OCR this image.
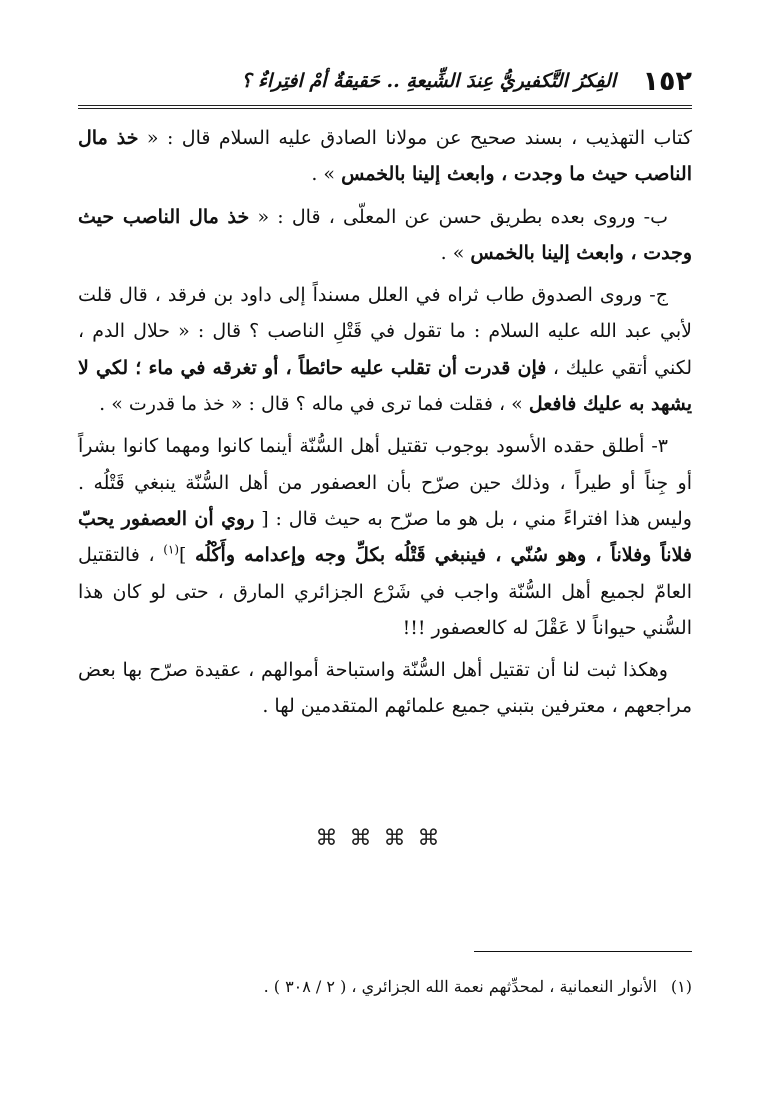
١٥٢
الفِكرُ التَّكفيريُّ عِندَ الشِّيعةِ .. حَقيقةٌ أمْ افتِراءٌ ؟

كتاب التهذيب ، بسند صحيح عن مولانا الصادق عليه السلام قال : « خذ مال الناصب حيث ما وجدت ، وابعث إلينا بالخمس » .

ب- وروى بعده بطريق حسن عن المعلّى ، قال : « خذ مال الناصب حيث وجدت ، وابعث إلينا بالخمس » .

ج- وروى الصدوق طاب ثراه في العلل مسنداً إلى داود بن فرقد ، قال قلت لأبي عبد الله عليه السلام : ما تقول في قَتْلِ الناصب ؟ قال : « حلال الدم ، لكني أتقي عليك ، فإن قدرت أن تقلب عليه حائطاً ، أو تغرقه في ماء ؛ لكي لا يشهد به عليك فافعل » ، فقلت فما ترى في ماله ؟ قال : « خذ ما قدرت » .

٣- أطلق حقده الأسود بوجوب تقتيل أهل السُّنّة أينما كانوا ومهما كانوا بشراً أو جِناً أو طيراً ، وذلك حين صرّح بأن العصفور من أهل السُّنّة ينبغي قَتْلُه . وليس هذا افتراءً مني ، بل هو ما صرّح به حيث قال : [ روي أن العصفور يحبّ فلاناً وفلاناً ، وهو سُنّي ، فينبغي قَتْلُه بكلِّ وجه وإعدامه وأَكْلُه ]$^{(١)}$ ، فالتقتيل العامّ لجميع أهل السُّنّة واجب في شَرْع الجزائري المارق ، حتى لو كان هذا السُّني حيواناً لا عَقْلَ له كالعصفور !!!

وهكذا ثبت لنا أن تقتيل أهل السُّنّة واستباحة أموالهم ، عقيدة صرّح بها بعض مراجعهم ، معترفين بتبني جميع علمائهم المتقدمين لها .

⌘ ⌘ ⌘ ⌘
(١)الأنوار النعمانية ، لمحدِّثهم نعمة الله الجزائري ، ( ٢ / ٣٠٨ ) .
